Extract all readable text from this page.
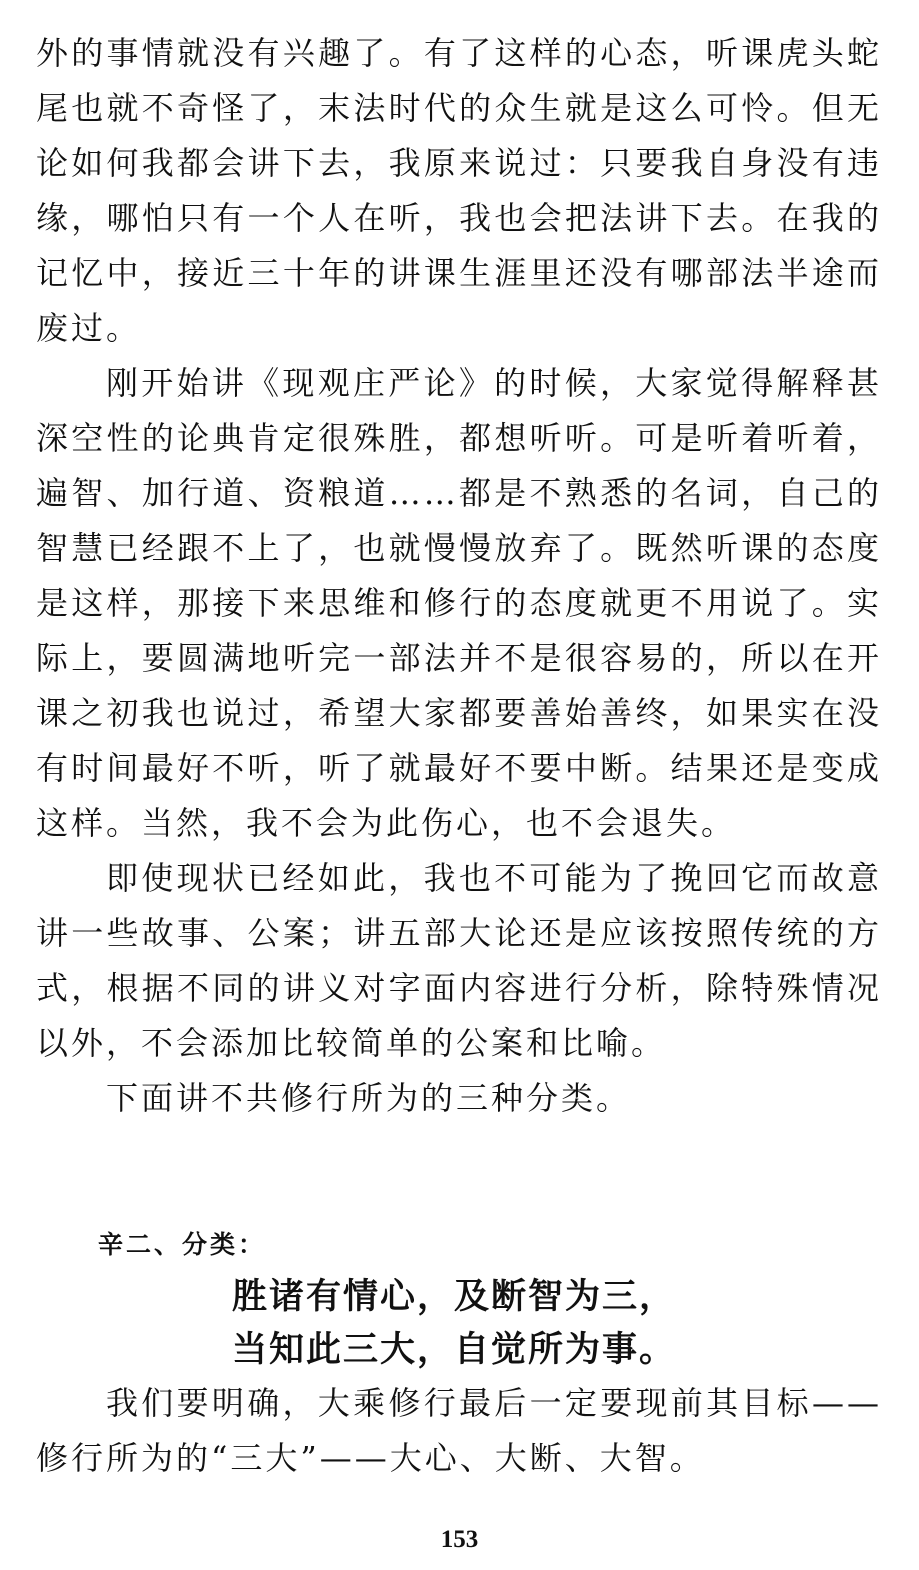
外的事情就没有兴趣了。有了这样的心态，听课虎头蛇尾也就不奇怪了，末法时代的众生就是这么可怜。但无论如何我都会讲下去，我原来说过：只要我自身没有违缘，哪怕只有一个人在听，我也会把法讲下去。在我的记忆中，接近三十年的讲课生涯里还没有哪部法半途而废过。

刚开始讲《现观庄严论》的时候，大家觉得解释甚深空性的论典肯定很殊胜，都想听听。可是听着听着，遍智、加行道、资粮道……都是不熟悉的名词，自己的智慧已经跟不上了，也就慢慢放弃了。既然听课的态度是这样，那接下来思维和修行的态度就更不用说了。实际上，要圆满地听完一部法并不是很容易的，所以在开课之初我也说过，希望大家都要善始善终，如果实在没有时间最好不听，听了就最好不要中断。结果还是变成这样。当然，我不会为此伤心，也不会退失。

即使现状已经如此，我也不可能为了挽回它而故意讲一些故事、公案；讲五部大论还是应该按照传统的方式，根据不同的讲义对字面内容进行分析，除特殊情况以外，不会添加比较简单的公案和比喻。

下面讲不共修行所为的三种分类。

辛二、分类：
胜诸有情心，及断智为三，
当知此三大，自觉所为事。

我们要明确，大乘修行最后一定要现前其目标——修行所为的“三大”——大心、大断、大智。

153
